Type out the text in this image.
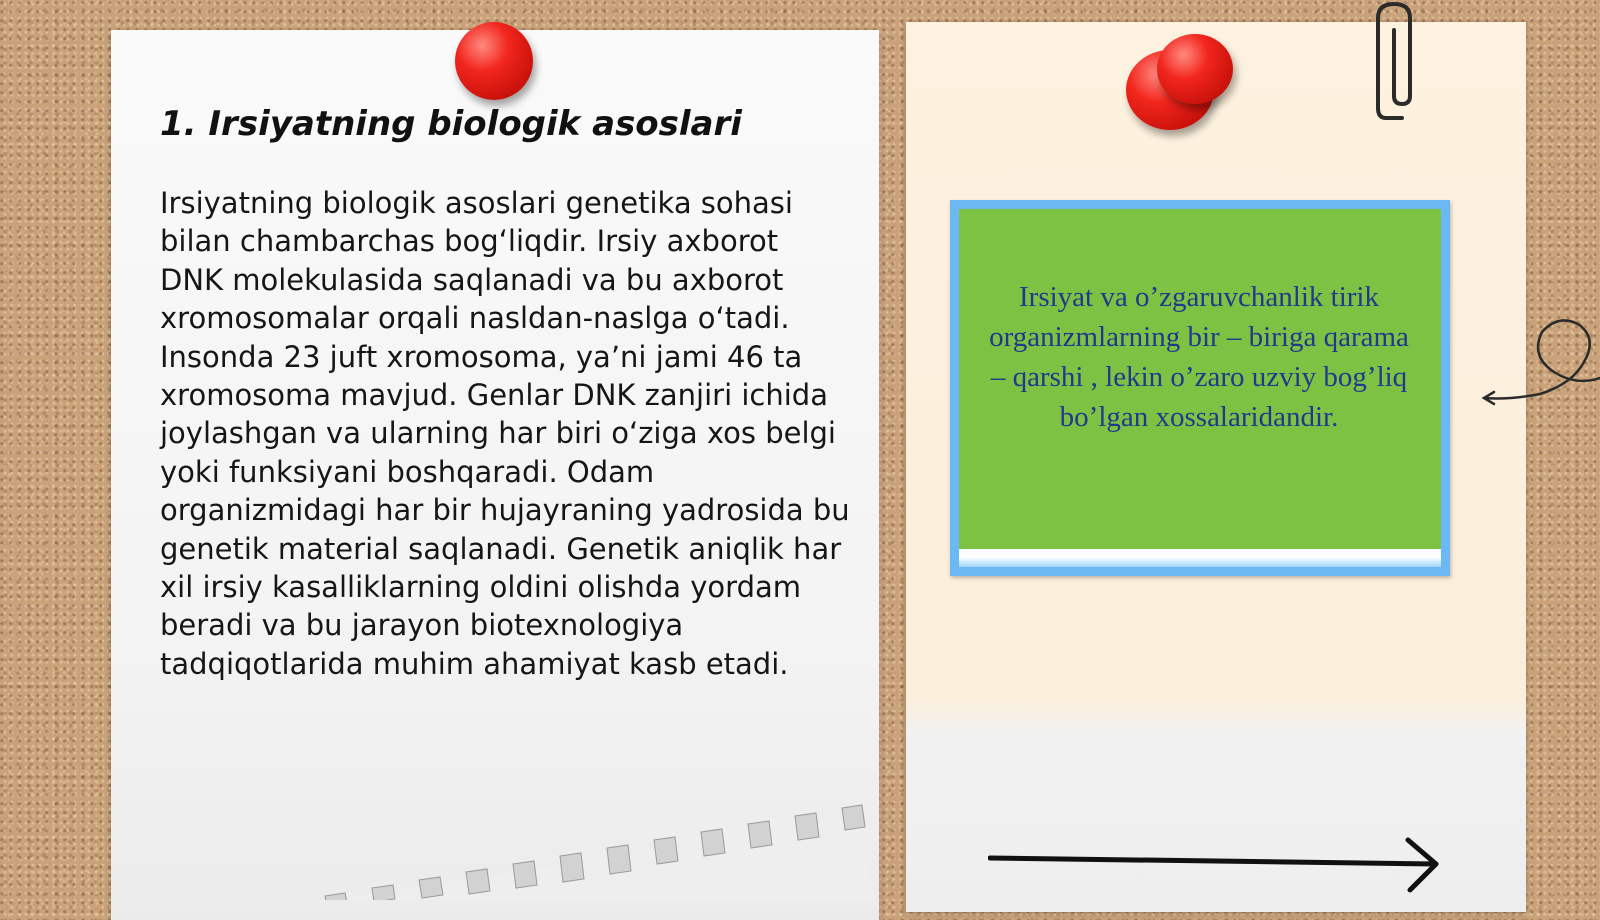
1. Irsiyatning biologik asoslari

Irsiyatning biologik asoslari genetika sohasi bilan chambarchas bog‘liqdir. Irsiy axborot DNK molekulasida saqlanadi va bu axborot xromosomalar orqali nasldan-naslga o‘tadi. Insonda 23 juft xromosoma, ya’ni jami 46 ta xromosoma mavjud. Genlar DNK zanjiri ichida joylashgan va ularning har biri o‘ziga xos belgi yoki funksiyani boshqaradi. Odam organizmidagi har bir hujayraning yadrosida bu genetik material saqlanadi. Genetik aniqlik har xil irsiy kasalliklarning oldini olishda yordam beradi va bu jarayon biotexnologiya tadqiqotlarida muhim ahamiyat kasb etadi.

Irsiyat va o’zgaruvchanlik tirik organizmlarning bir – biriga qarama – qarshi , lekin o’zaro uzviy bog’liq bo’lgan xossalaridandir.
